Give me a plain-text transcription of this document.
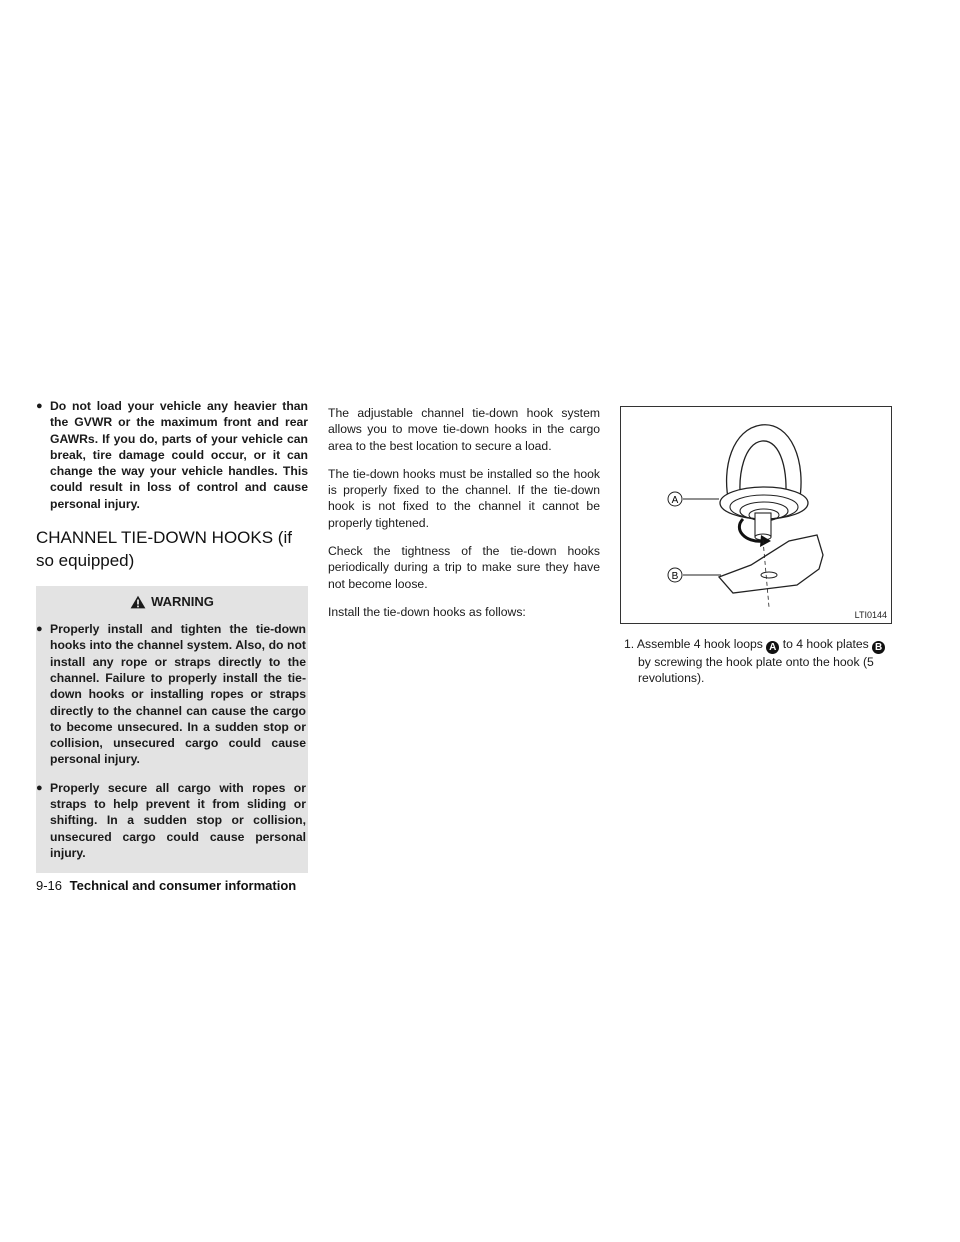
● Do not load your vehicle any heavier than the GVWR or the maximum front and rear GAWRs. If you do, parts of your vehicle can break, tire damage could occur, or it can change the way your vehicle handles. This could result in loss of control and cause personal injury.
CHANNEL TIE-DOWN HOOKS (if so equipped)
WARNING
● Properly install and tighten the tie-down hooks into the channel system. Also, do not install any rope or straps directly to the channel. Failure to properly install the tie-down hooks or installing ropes or straps directly to the channel can cause the cargo to become unsecured. In a sudden stop or collision, unsecured cargo could cause personal injury.
● Properly secure all cargo with ropes or straps to help prevent it from sliding or shifting. In a sudden stop or collision, unsecured cargo could cause personal injury.

The adjustable channel tie-down hook system allows you to move tie-down hooks in the cargo area to the best location to secure a load.

The tie-down hooks must be installed so the hook is properly fixed to the channel. If the tie-down hook is not fixed to the channel it cannot be properly tightened.

Check the tightness of the tie-down hooks periodically during a trip to make sure they have not become loose.

Install the tie-down hooks as follows:

A
B
LTI0144

1. Assemble 4 hook loops A to 4 hook plates B by screwing the hook plate onto the hook (5 revolutions).

9-16 Technical and consumer information
